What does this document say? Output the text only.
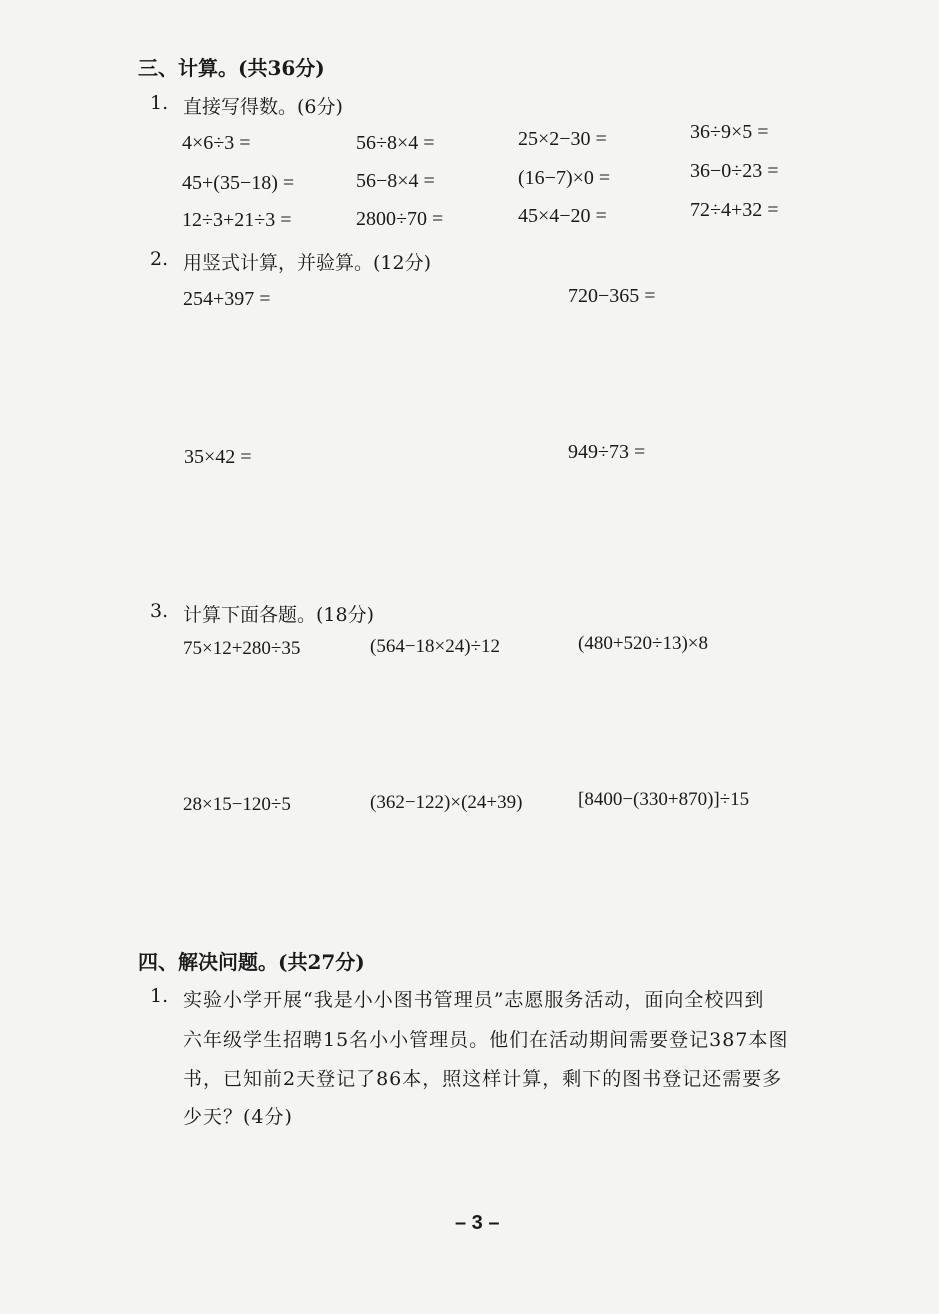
三、计算。(共36分)
1. 直接写得数。(6分)
4×6÷3 =	56÷8×4 =	25×2−30 =	36÷9×5 =
45+(35−18) =	56−8×4 =	(16−7)×0 =	36−0÷23 =
12÷3+21÷3 =	2800÷70 =	45×4−20 =	72÷4+32 =
2. 用竖式计算，并验算。(12分)
254+397 =	720−365 =
35×42 =	949÷73 =
3. 计算下面各题。(18分)
75×12+280÷35	(564−18×24)÷12	(480+520÷13)×8
28×15−120÷5	(362−122)×(24+39)	[8400−(330+870)]÷15
四、解决问题。(共27分)
1. 实验小学开展“我是小小图书管理员”志愿服务活动，面向全校四到
六年级学生招聘15名小小管理员。他们在活动期间需要登记387本图
书，已知前2天登记了86本，照这样计算，剩下的图书登记还需要多
少天？(4分)
– 3 –
